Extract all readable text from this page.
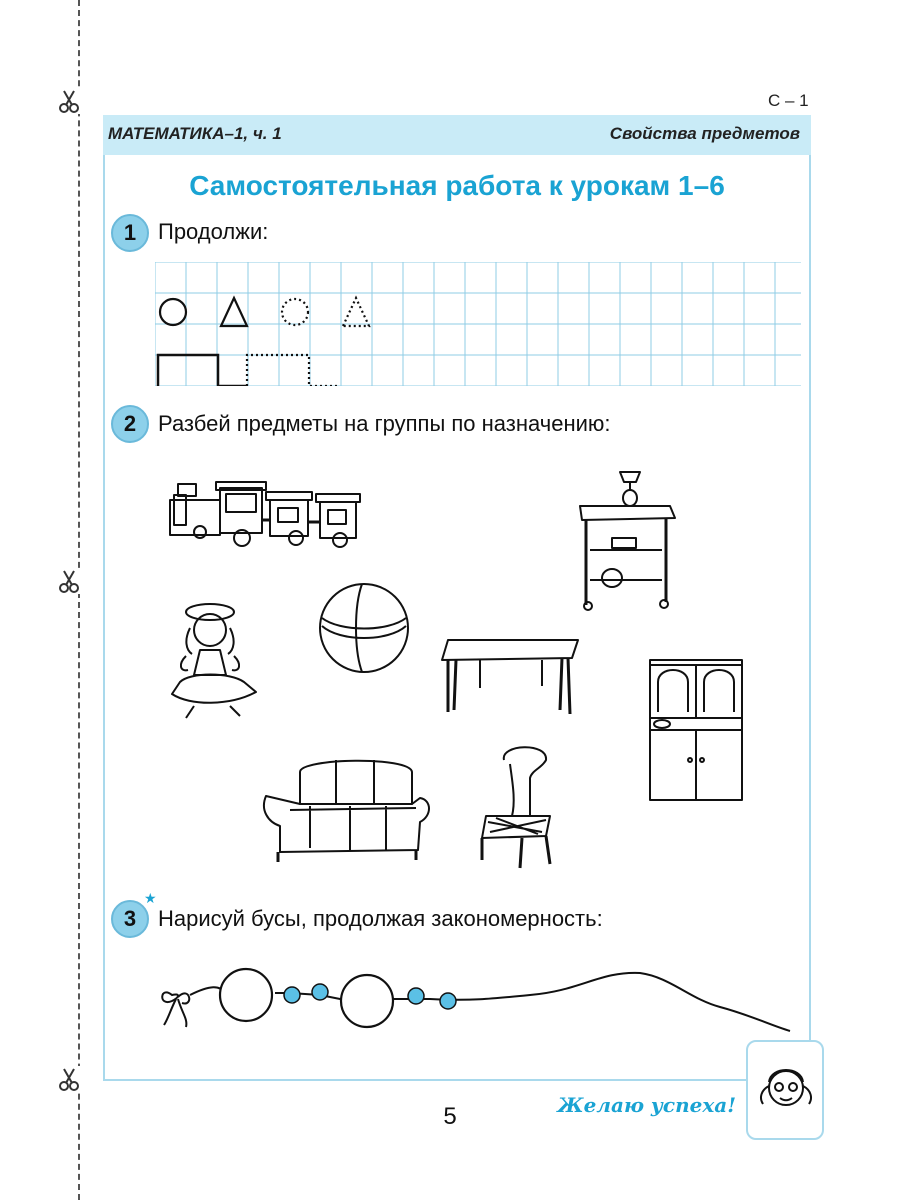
С – 1
МАТЕМАТИКА–1, ч. 1	Свойства предметов
Самостоятельная работа к урокам 1–6
1 Продолжи:
2 Разбей предметы на группы по назначению:
3
★
Нарисуй бусы, продолжая закономерность:
Желаю успеха!
5
